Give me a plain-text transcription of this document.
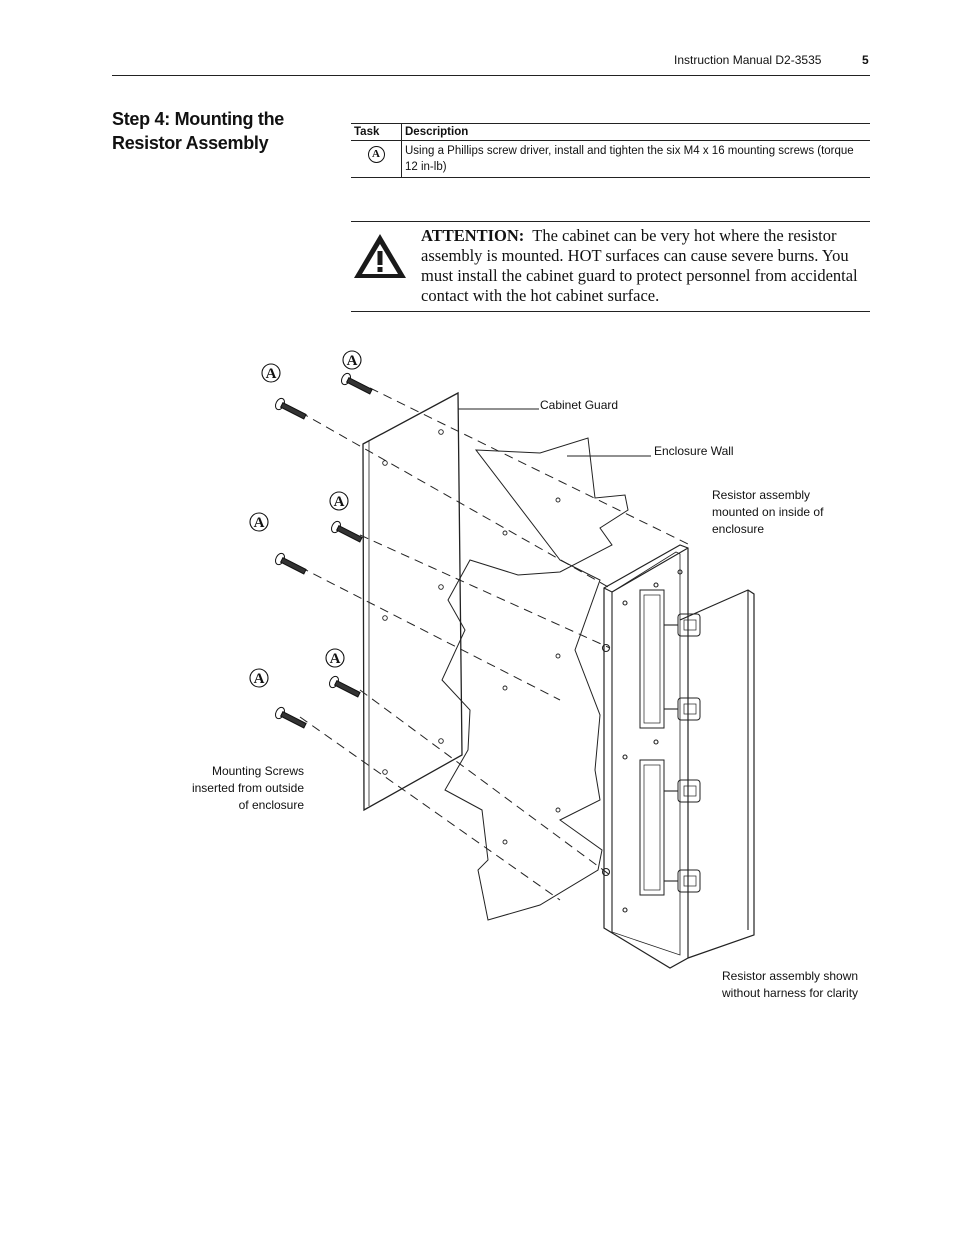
Instruction Manual D2-3535	5
Step 4: Mounting the Resistor Assembly
Task	Description
A	Using a Phillips screw driver, install and tighten the six M4 x 16 mounting screws (torque 12 in-lb)
ATTENTION: The cabinet can be very hot where the resistor assembly is mounted. HOT surfaces can cause severe burns. You must install the cabinet guard to protect personnel from accidental contact with the hot cabinet surface.
A
A
A
A
A
A
Cabinet Guard
Enclosure Wall
Resistor assembly mounted on inside of enclosure
Mounting Screws inserted from outside of enclosure
Resistor assembly shown without harness for clarity
